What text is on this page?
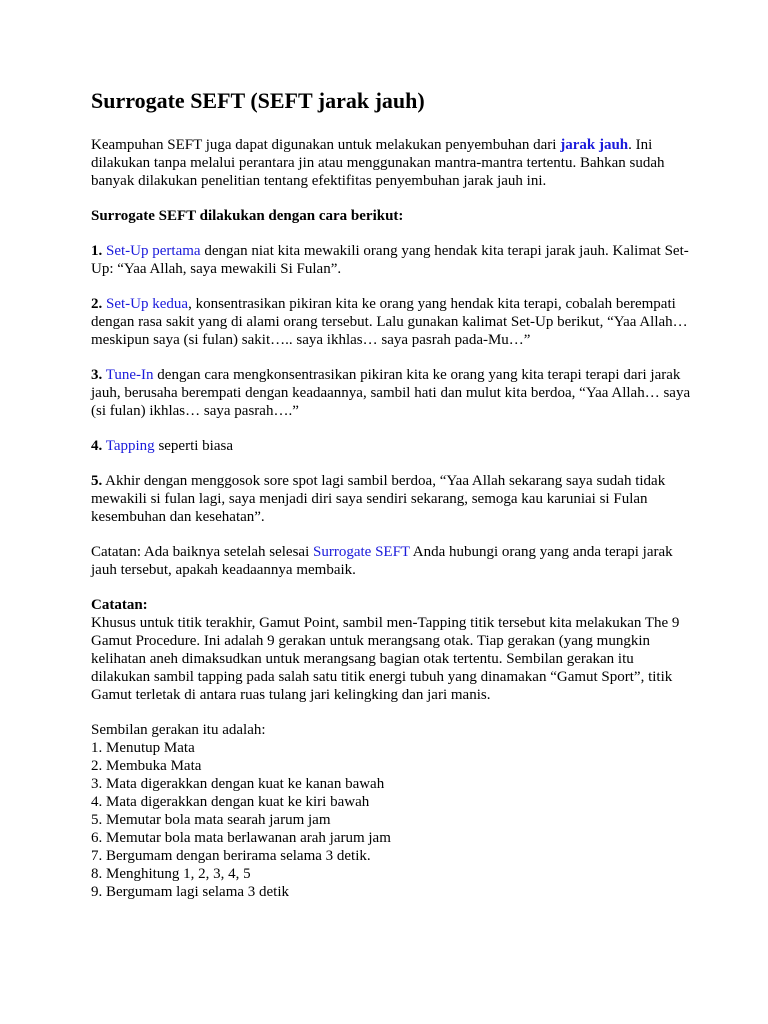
Surrogate SEFT (SEFT jarak jauh)

Keampuhan SEFT juga dapat digunakan untuk melakukan penyembuhan dari jarak jauh. Ini dilakukan tanpa melalui perantara jin atau menggunakan mantra-mantra tertentu. Bahkan sudah banyak dilakukan penelitian tentang efektifitas penyembuhan jarak jauh ini.

Surrogate SEFT dilakukan dengan cara berikut:

1. Set-Up pertama dengan niat kita mewakili orang yang hendak kita terapi jarak jauh. Kalimat Set-Up: “Yaa Allah, saya mewakili Si Fulan”.

2. Set-Up kedua, konsentrasikan pikiran kita ke orang yang hendak kita terapi, cobalah berempati dengan rasa sakit yang di alami orang tersebut. Lalu gunakan kalimat Set-Up berikut, “Yaa Allah… meskipun saya (si fulan) sakit….. saya ikhlas… saya pasrah pada-Mu…”

3. Tune-In dengan cara mengkonsentrasikan pikiran kita ke orang yang kita terapi terapi dari jarak jauh, berusaha berempati dengan keadaannya, sambil hati dan mulut kita berdoa, “Yaa Allah… saya (si fulan) ikhlas… saya pasrah….”

4. Tapping seperti biasa

5. Akhir dengan menggosok sore spot lagi sambil berdoa, “Yaa Allah sekarang saya sudah tidak mewakili si fulan lagi, saya menjadi diri saya sendiri sekarang, semoga kau karuniai si Fulan kesembuhan dan kesehatan”.

Catatan: Ada baiknya setelah selesai Surrogate SEFT Anda hubungi orang yang anda terapi jarak jauh tersebut, apakah keadaannya membaik.

Catatan:
Khusus untuk titik terakhir, Gamut Point, sambil men-Tapping titik tersebut kita melakukan The 9 Gamut Procedure. Ini adalah 9 gerakan untuk merangsang otak. Tiap gerakan (yang mungkin kelihatan aneh dimaksudkan untuk merangsang bagian otak tertentu. Sembilan gerakan itu dilakukan sambil tapping pada salah satu titik energi tubuh yang dinamakan “Gamut Sport”, titik Gamut terletak di antara ruas tulang jari kelingking dan jari manis.

Sembilan gerakan itu adalah:

1. Menutup Mata
2. Membuka Mata
3. Mata digerakkan dengan kuat ke kanan bawah
4. Mata digerakkan dengan kuat ke kiri bawah
5. Memutar bola mata searah jarum jam
6. Memutar bola mata berlawanan arah jarum jam
7. Bergumam dengan berirama selama 3 detik.
8. Menghitung 1, 2, 3, 4, 5
9. Bergumam lagi selama 3 detik
